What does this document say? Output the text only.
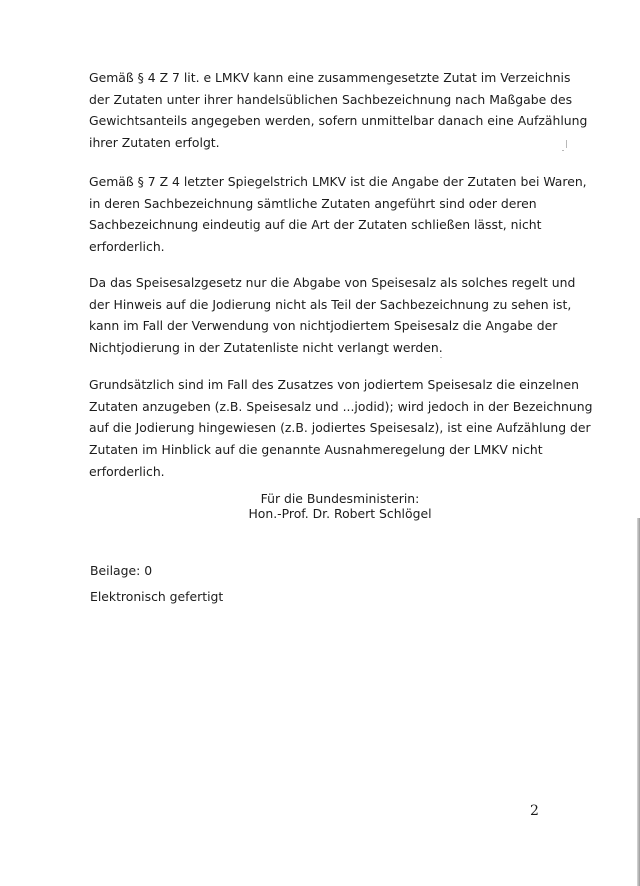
Gemäß § 4 Z 7 lit. e LMKV kann eine zusammengesetzte Zutat im Verzeichnis
der Zutaten unter ihrer handelsüblichen Sachbezeichnung nach Maßgabe des
Gewichtsanteils angegeben werden, sofern unmittelbar danach eine Aufzählung
ihrer Zutaten erfolgt.

Gemäß § 7 Z 4 letzter Spiegelstrich LMKV ist die Angabe der Zutaten bei Waren,
in deren Sachbezeichnung sämtliche Zutaten angeführt sind oder deren
Sachbezeichnung eindeutig auf die Art der Zutaten schließen lässt, nicht
erforderlich.

Da das Speisesalzgesetz nur die Abgabe von Speisesalz als solches regelt und
der Hinweis auf die Jodierung nicht als Teil der Sachbezeichnung zu sehen ist,
kann im Fall der Verwendung von nichtjodiertem Speisesalz die Angabe der
Nichtjodierung in der Zutatenliste nicht verlangt werden.

Grundsätzlich sind im Fall des Zusatzes von jodiertem Speisesalz die einzelnen
Zutaten anzugeben (z.B. Speisesalz und ...jodid); wird jedoch in der Bezeichnung
auf die Jodierung hingewiesen (z.B. jodiertes Speisesalz), ist eine Aufzählung der
Zutaten im Hinblick auf die genannte Ausnahmeregelung der LMKV nicht
erforderlich.

Für die Bundesministerin:
Hon.-Prof. Dr. Robert Schlögel
Beilage: 0
Elektronisch gefertigt
2
